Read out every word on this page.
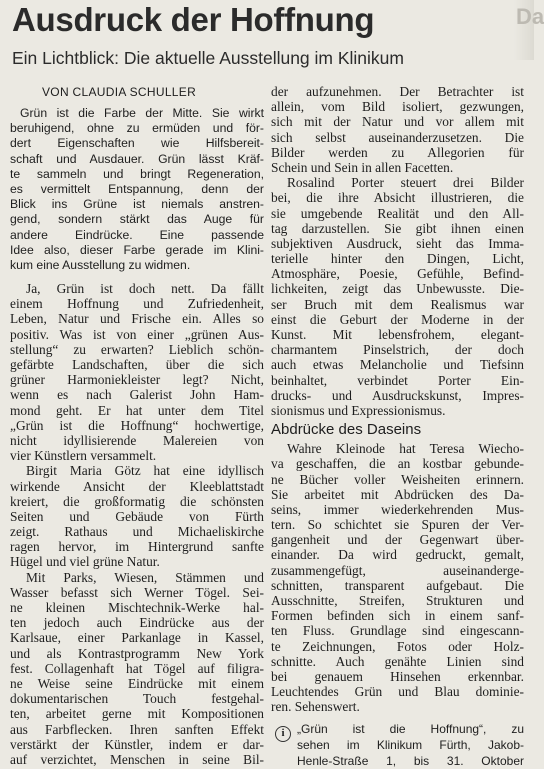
Da
Ausdruck der Hoffnung

Ein Lichtblick: Die aktuelle Ausstellung im Klinikum

VON CLAUDIA SCHULLER
Grün ist die Farbe der Mitte. Sie wirkt
beruhigend, ohne zu ermüden und för-
dert Eigenschaften wie Hilfsbereit-
schaft und Ausdauer. Grün lässt Kräf-
te sammeln und bringt Regeneration,
es vermittelt Entspannung, denn der
Blick ins Grüne ist niemals anstren-
gend, sondern stärkt das Auge für
andere Eindrücke. Eine passende
Idee also, dieser Farbe gerade im Klini-
kum eine Ausstellung zu widmen.
Ja, Grün ist doch nett. Da fällt
einem Hoffnung und Zufriedenheit,
Leben, Natur und Frische ein. Alles so
positiv. Was ist von einer „grünen Aus-
stellung“ zu erwarten? Lieblich schön-
gefärbte Landschaften, über die sich
grüner Harmoniekleister legt? Nicht,
wenn es nach Galerist John Ham-
mond geht. Er hat unter dem Titel
„Grün ist die Hoffnung“ hochwertige,
nicht idyllisierende Malereien von
vier Künstlern versammelt.
Birgit Maria Götz hat eine idyllisch
wirkende Ansicht der Kleeblattstadt
kreiert, die großformatig die schönsten
Seiten und Gebäude von Fürth
zeigt. Rathaus und Michaeliskirche
ragen hervor, im Hintergrund sanfte
Hügel und viel grüne Natur.
Mit Parks, Wiesen, Stämmen und
Wasser befasst sich Werner Tögel. Sei-
ne kleinen Mischtechnik-Werke hal-
ten jedoch auch Eindrücke aus der
Karlsaue, einer Parkanlage in Kassel,
und als Kontrastprogramm New York
fest. Collagenhaft hat Tögel auf filigra-
ne Weise seine Eindrücke mit einem
dokumentarischen Touch festgehal-
ten, arbeitet gerne mit Kompositionen
aus Farbflecken. Ihren sanften Effekt
verstärkt der Künstler, indem er dar-
auf verzichtet, Menschen in seine Bil-
der aufzunehmen. Der Betrachter ist
allein, vom Bild isoliert, gezwungen,
sich mit der Natur und vor allem mit
sich selbst auseinanderzusetzen. Die
Bilder werden zu Allegorien für
Schein und Sein in allen Facetten.
Rosalind Porter steuert drei Bilder
bei, die ihre Absicht illustrieren, die
sie umgebende Realität und den All-
tag darzustellen. Sie gibt ihnen einen
subjektiven Ausdruck, sieht das Imma-
terielle hinter den Dingen, Licht,
Atmosphäre, Poesie, Gefühle, Befind-
lichkeiten, zeigt das Unbewusste. Die-
ser Bruch mit dem Realismus war
einst die Geburt der Moderne in der
Kunst. Mit lebensfrohem, elegant-
charmantem Pinselstrich, der doch
auch etwas Melancholie und Tiefsinn
beinhaltet, verbindet Porter Ein-
drucks- und Ausdruckskunst, Impres-
sionismus und Expressionismus.
Abdrücke des Daseins
Wahre Kleinode hat Teresa Wiecho-
va geschaffen, die an kostbar gebunde-
ne Bücher voller Weisheiten erinnern.
Sie arbeitet mit Abdrücken des Da-
seins, immer wiederkehrenden Mus-
tern. So schichtet sie Spuren der Ver-
gangenheit und der Gegenwart über-
einander. Da wird gedruckt, gemalt,
zusammengefügt, auseinanderge-
schnitten, transparent aufgebaut. Die
Ausschnitte, Streifen, Strukturen und
Formen befinden sich in einem sanf-
ten Fluss. Grundlage sind eingescann-
te Zeichnungen, Fotos oder Holz-
schnitte. Auch genähte Linien sind
bei genauem Hinsehen erkennbar.
Leuchtendes Grün und Blau dominie-
ren. Sehenswert.
i	„Grün ist die Hoffnung“, zu
sehen im Klinikum Fürth, Jakob-
Henle-Straße 1, bis 31. Oktober
